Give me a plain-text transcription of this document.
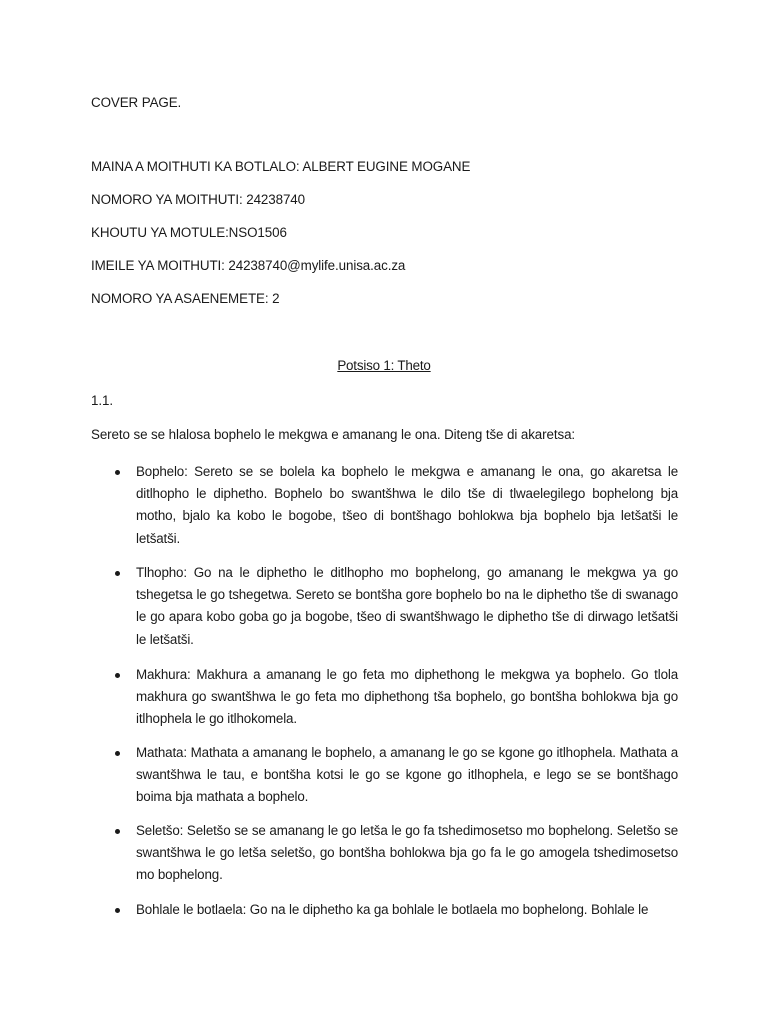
COVER PAGE.
MAINA A MOITHUTI KA BOTLALO: ALBERT EUGINE MOGANE
NOMORO YA MOITHUTI: 24238740
KHOUTU YA MOTULE:NSO1506
IMEILE YA MOITHUTI: 24238740@mylife.unisa.ac.za
NOMORO YA ASAENEMETE: 2
Potsiso 1: Theto
1.1.
Sereto se se hlalosa bophelo le mekgwa e amanang le ona. Diteng tše di akaretsa:
Bophelo: Sereto se se bolela ka bophelo le mekgwa e amanang le ona, go akaretsa le ditlhopho le diphetho. Bophelo bo swantšhwa le dilo tše di tlwaelegilego bophelong bja motho, bjalo ka kobo le bogobe, tšeo di bontšhago bohlokwa bja bophelo bja letšatši le letšatši.
Tlhopho: Go na le diphetho le ditlhopho mo bophelong, go amanang le mekgwa ya go tshegetsa le go tshegetwa. Sereto se bontšha gore bophelo bo na le diphetho tše di swanago le go apara kobo goba go ja bogobe, tšeo di swantšhwago le diphetho tše di dirwago letšatši le letšatši.
Makhura: Makhura a amanang le go feta mo diphethong le mekgwa ya bophelo. Go tlola makhura go swantšhwa le go feta mo diphethong tša bophelo, go bontšha bohlokwa bja go itlhophela le go itlhokomela.
Mathata: Mathata a amanang le bophelo, a amanang le go se kgone go itlhophela. Mathata a swantšhwa le tau, e bontšha kotsi le go se kgone go itlhophela, e lego se se bontšhago boima bja mathata a bophelo.
Seletšo: Seletšo se se amanang le go letša le go fa tshedimosetso mo bophelong. Seletšo se swantšhwa le go letša seletšo, go bontšha bohlokwa bja go fa le go amogela tshedimosetso mo bophelong.
Bohlale le botlaela: Go na le diphetho ka ga bohlale le botlaela mo bophelong. Bohlale le
